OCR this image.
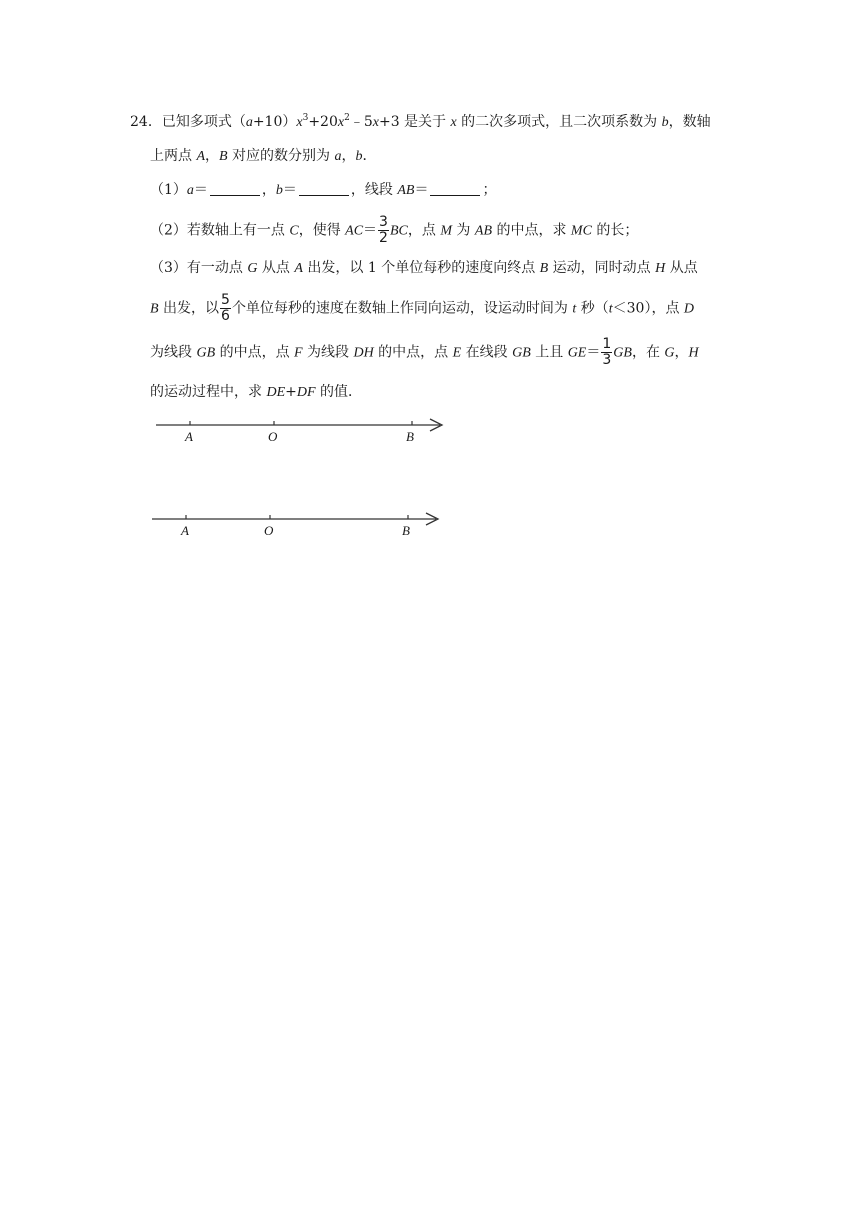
24．已知多项式$(a+10)x^3+20x^2﹣5x+3$ 是关于 x 的二次多项式，且二次项系数为 b，数轴
上两点 A，B 对应的数分别为 a，b．
（1）a＝	，b＝	，线段 AB＝	；
（2）若数轴上有一点 C，使得 $AC= \frac{3}{2}$ BC，点 M 为 AB 的中点，求 MC 的长；
（3）有一动点 G 从点 A 出发，以 1 个单位每秒的速度向终点 B 运动，同时动点 H 从点
B 出发，以 $\frac{5}{6}$ 个单位每秒的速度在数轴上作同向运动，设运动时间为 t 秒（t＜30），点 D
为线段 GB 的中点，点 F 为线段 DH 的中点，点 E 在线段 GB 上且 $GE= \frac{1}{3}$ GB，在 G，H
的运动过程中，求 DE+DF 的值．
A	O	B
A	O	B
